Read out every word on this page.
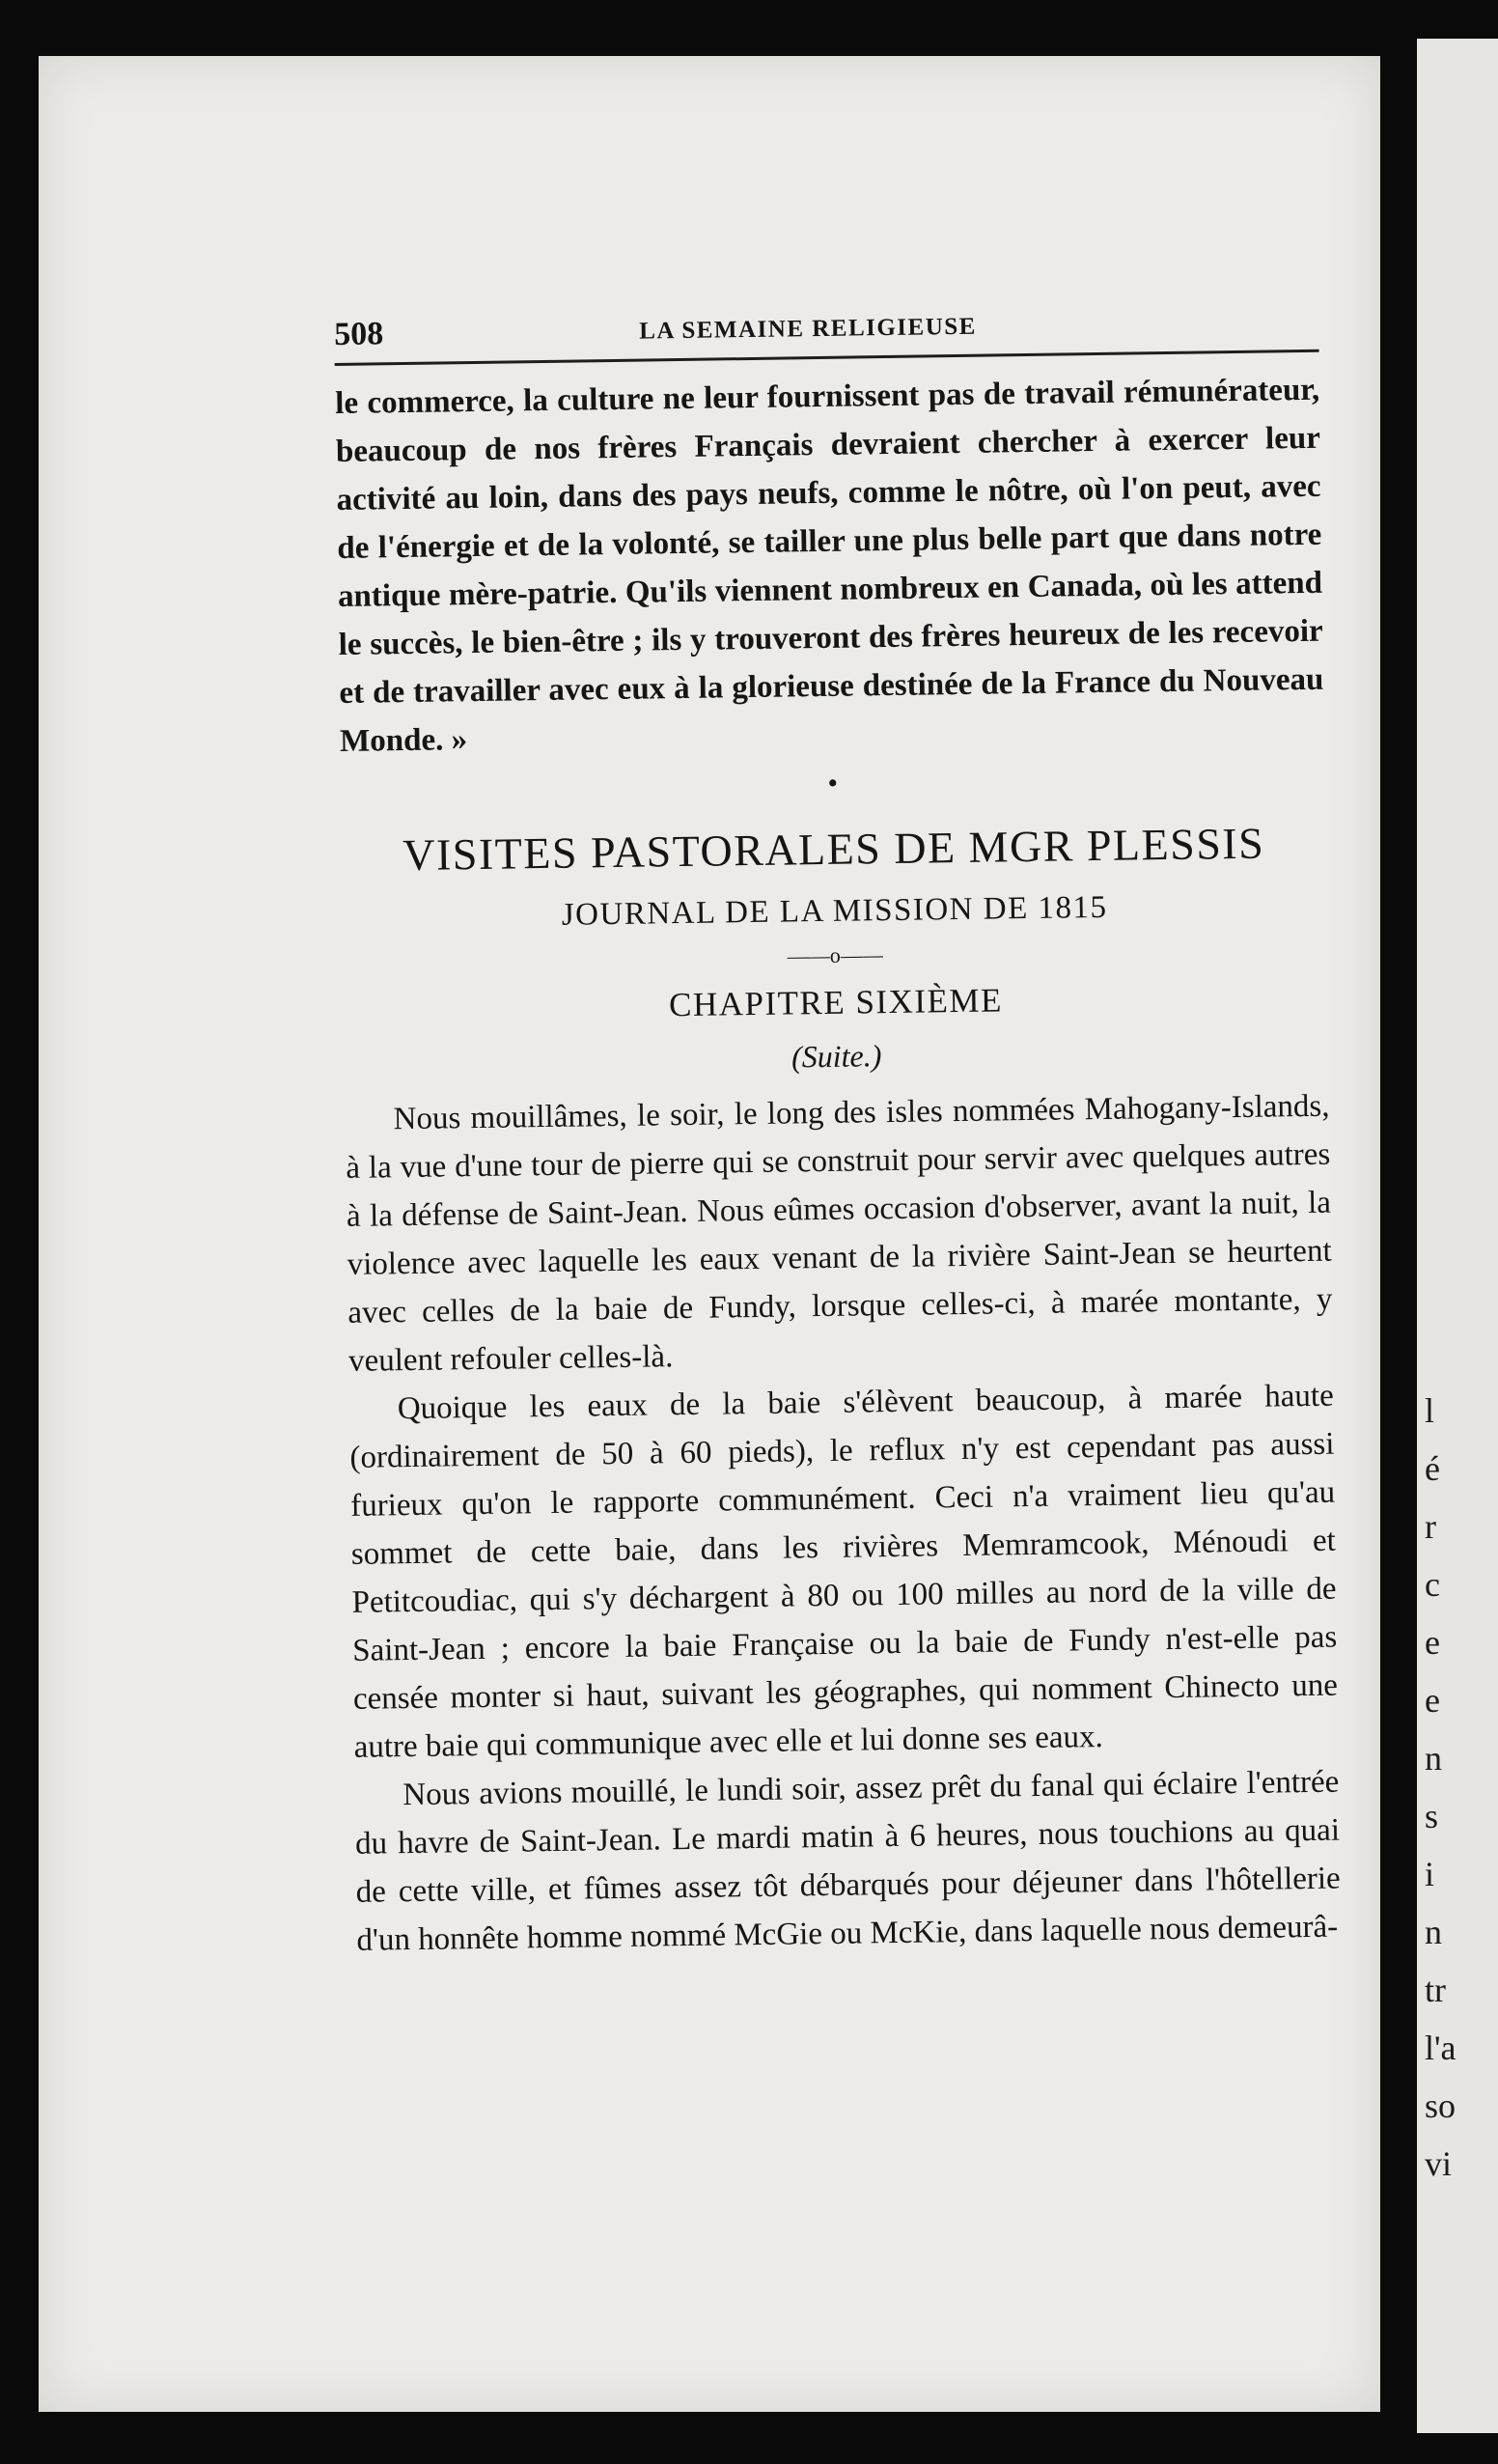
508	LA SEMAINE RELIGIEUSE

le commerce, la culture ne leur fournissent pas de travail rémunérateur, beaucoup de nos frères Français devraient chercher à exercer leur activité au loin, dans des pays neufs, comme le nôtre, où l'on peut, avec de l'énergie et de la volonté, se tailler une plus belle part que dans notre antique mère-patrie. Qu'ils viennent nombreux en Canada, où les attend le succès, le bien-être ; ils y trouveront des frères heureux de les recevoir et de travailler avec eux à la glorieuse destinée de la France du Nouveau Monde. »

•
VISITES PASTORALES DE MGR PLESSIS
JOURNAL DE LA MISSION DE 1815
——o——
CHAPITRE SIXIÈME
(Suite.)

Nous mouillâmes, le soir, le long des isles nommées Mahogany-Islands, à la vue d'une tour de pierre qui se construit pour servir avec quelques autres à la défense de Saint-Jean. Nous eûmes occasion d'observer, avant la nuit, la violence avec laquelle les eaux venant de la rivière Saint-Jean se heurtent avec celles de la baie de Fundy, lorsque celles-ci, à marée montante, y veulent refouler celles-là.

Quoique les eaux de la baie s'élèvent beaucoup, à marée haute (ordinairement de 50 à 60 pieds), le reflux n'y est cependant pas aussi furieux qu'on le rapporte communément. Ceci n'a vraiment lieu qu'au sommet de cette baie, dans les rivières Memramcook, Ménoudi et Petitcoudiac, qui s'y déchargent à 80 ou 100 milles au nord de la ville de Saint-Jean ; encore la baie Française ou la baie de Fundy n'est-elle pas censée monter si haut, suivant les géographes, qui nomment Chinecto une autre baie qui communique avec elle et lui donne ses eaux.

Nous avions mouillé, le lundi soir, assez prêt du fanal qui éclaire l'entrée du havre de Saint-Jean. Le mardi matin à 6 heures, nous touchions au quai de cette ville, et fûmes assez tôt débarqués pour déjeuner dans l'hôtellerie d'un honnête homme nommé McGie ou McKie, dans laquelle nous demeurâ-

l
é
r
c
e
e
n
s
i
n
tr
l'a
so
vi
